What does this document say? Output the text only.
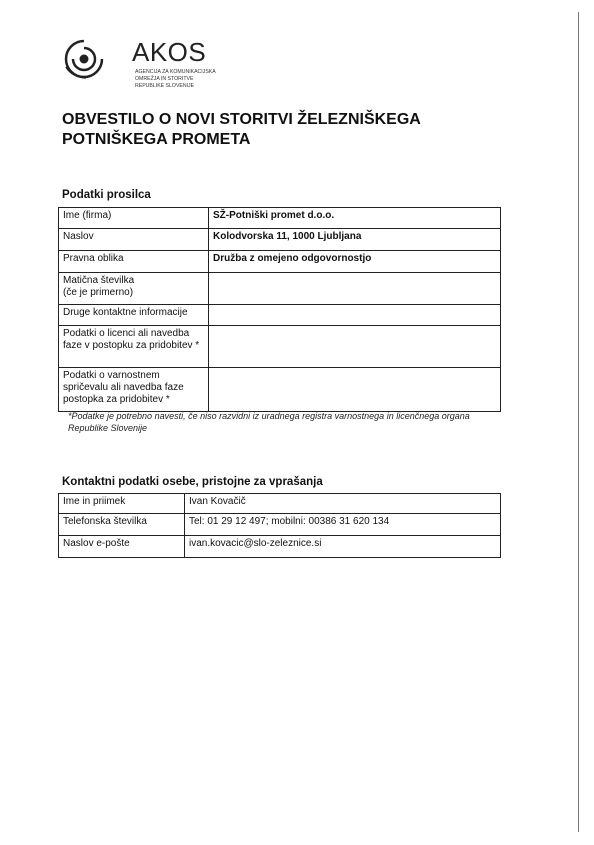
AKOS
AGENCIJA ZA KOMUNIKACIJSKA
OMREŽJA IN STORITVE
REPUBLIKE SLOVENIJE
OBVESTILO O NOVI STORITVI ŽELEZNIŠKEGA POTNIŠKEGA PROMETA
Podatki prosilca
Ime (firma)	SŽ-Potniški promet d.o.o.
Naslov	Kolodvorska 11, 1000 Ljubljana
Pravna oblika	Družba z omejeno odgovornostjo
Matična številka
(če je primerno)	
Druge kontaktne informacije	
Podatki o licenci ali navedba faze v postopku za pridobitev *	
Podatki o varnostnem spričevalu ali navedba faze postopka za pridobitev *	
*Podatke je potrebno navesti, če niso razvidni iz uradnega registra varnostnega in licenčnega organa Republike Slovenije
Kontaktni podatki osebe, pristojne za vprašanja
Ime in priimek	Ivan Kovačič
Telefonska številka	Tel: 01 29 12 497; mobilni: 00386 31 620 134
Naslov e-pošte	ivan.kovacic@slo-zeleznice.si
